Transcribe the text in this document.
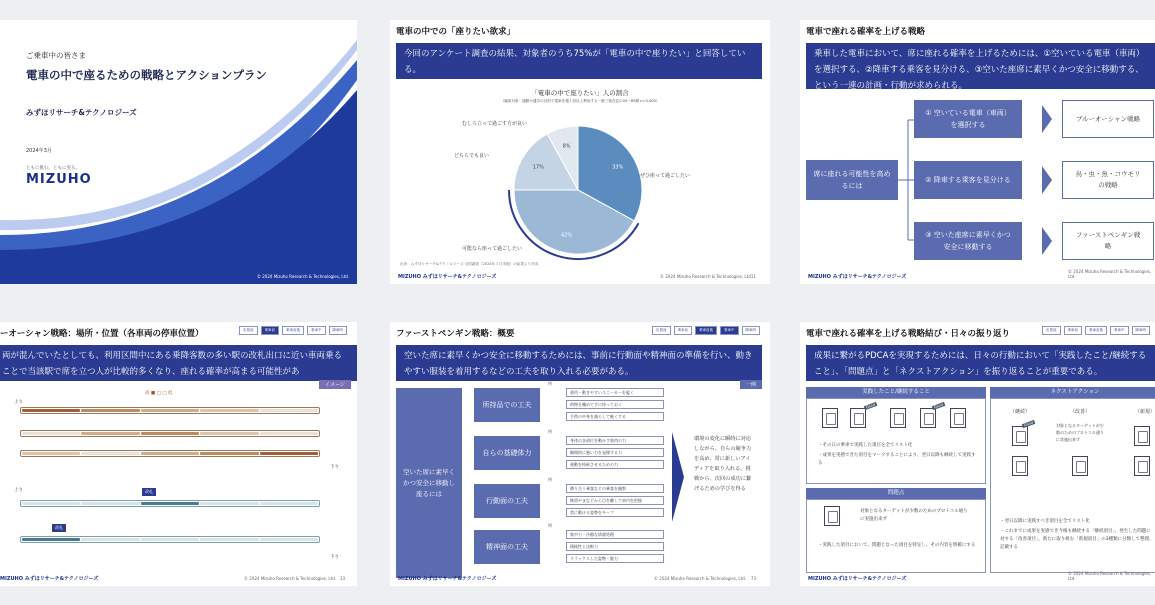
ご乗車中の皆さま
電車の中で座るための戦略とアクションプラン
みずほリサーチ&テクノロジーズ
2024年3月
ともに挑む。ともに実る。
MIZUHO
© 2024 Mizuho Research & Technologies, Ltd.
電車の中での「座りたい欲求」
今回のアンケート調査の結果、対象者のうち75%が「電車の中で座りたい」と回答している。
「電車の中で座りたい」人の割合
（調査対象：通勤や通学の目的で電車を週１回以上利用する一都三県在住の20～69歳 n=3,000）
33%
42%
17%
8%
出所：みずほリサーチ&テクノロジーズ 全国調査（2024年１月実施）の結果より作成
MIZUHO みずほリサーチ&テクノロジーズ	© 2024 Mizuho Research & Technologies, Ltd.
11
ぜひ座って過ごしたい
可能なら座って過ごしたい
どちらでも良い
むしろ立って過ごす方が良い
電車で座れる確率を上げる戦略
乗車した電車において、席に座れる確率を上げるためには、①空いている電車（車両）を選択する、②降車する乗客を見分ける、③空いた座席に素早くかつ安全に移動する、という一連の計画・行動が求められる。
席に座れる可能性を高めるには
① 空いている電車（車両）を選択する
② 降車する乗客を見分ける
③ 空いた座席に素早くかつ安全に移動する
ブルーオーシャン戦略
鳥・虫・魚・コウモリの戦略
ファーストペンギン戦略
MIZUHO みずほリサーチ&テクノロジーズ
© 2024 Mizuho Research & Technologies, Ltd.
ーオーシャン戦略：場所・位置（各車両の停車位置）	出発前	乗車前	乗車直後	乗車中	降車時
両が混んでいたとしても、利用区間中にある乗降客数の多い駅の改札出口に近い車両乗ることで当該駅で席を立つ人が比較的多くなり、座れる確率が高まる可能性があ
イメージ
高 ■ □ □ 低
上り
下り
上り	改札
改札
下り
MIZUHO みずほリサーチ&テクノロジーズ	© 2024 Mizuho Research & Technologies, Ltd. 33
ファーストペンギン戦略：概要	出発前	乗車前	乗車直後	乗車中	降車時
空いた席に素早くかつ安全に移動するためには、事前に行動面や精神面の準備を行い、動きやすい服装を着用するなどの工夫を取り入れる必要がある。
一例
空いた席に素早くかつ安全に移動し座るには
所持品での工夫
自らの基礎体力
行動面の工夫
精神面の工夫
例
着用・動きやすいスニーカーを履く
荷物を纏めて手に持っておく
手荷の中身を減らして軽くする
例
身体の各部位を動かす筋肉の力
瞬間的に強い力を発揮する力
運動を持続させるための力
例
隣り合う乗客などの乗客を観察
携帯やまなどから目を離して車内を把握
常に動ける姿勢をキープ
例
集中力・冷静な情報処理
積極性と決断力
リラックスした姿勢・脱力
環境の変化に瞬時に対応しながら、自らの競争力を高め、常に新しいアイディアを取り入れる。挑戦から、次回の成功に繋げるための学びを得る
MIZUHO みずほリサーチ&テクノロジーズ	© 2024 Mizuho Research & Technologies, Ltd. 73
電車で座れる確率を上げる戦略結び・日々の振り返り	出発前	乗車前	乗車直後	乗車中	降車時
成果に繋がるPDCAを実現するためには、日々の行動において「実践したこと/継続すること」、「問題点」と「ネクストアクション」を振り返ることが重要である。
実践したこと/継続すること	ネクストアクション
Good	Good
・その日の乗車で実践した項目を全てリスト化
・成果を実感できた項目をマークすることにより、翌日以降も継続して実践する
問題点
対象となるターゲットが少数のためのプロトコル通りに実施出来ず
・実践した項目において、問題となった項目を特定し、その内容を明確にする
（継続）	（改善）	（新規）
Good	対象となるターゲットが少数のためのプロトコル通りに実施出来ず
・翌日以降に実践すべき項目を全てリスト化
・これまでに成果を実感でき今後も継続する「継続項目」、発生した問題に対する「改善項目」、新たに取り組む「新規項目」の3種類に分類して整理、記載する
MIZUHO みずほリサーチ&テクノロジーズ
© 2024 Mizuho Research & Technologies, Ltd.
